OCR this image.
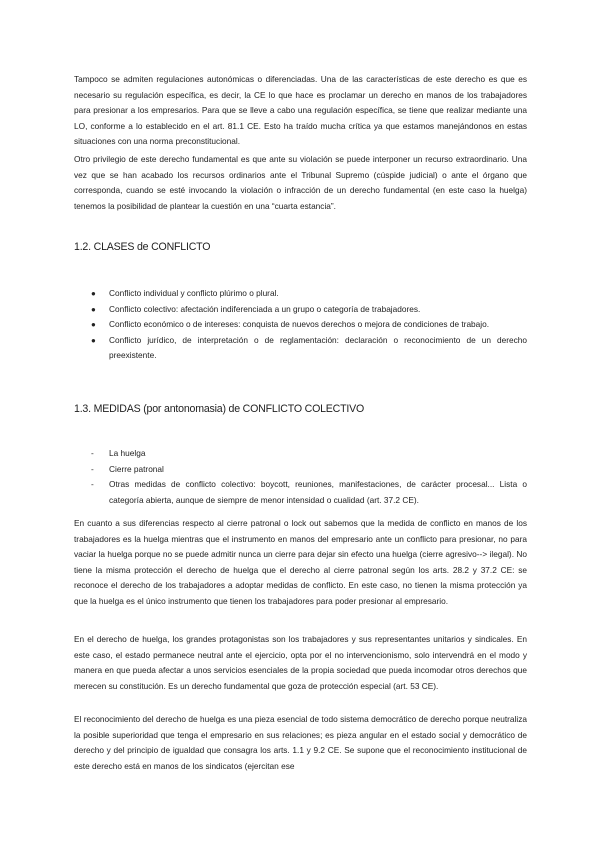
Tampoco se admiten regulaciones autonómicas o diferenciadas. Una de las características de este derecho es que es necesario su regulación específica, es decir, la CE lo que hace es proclamar un derecho en manos de los trabajadores para presionar a los empresarios. Para que se lleve a cabo una regulación específica, se tiene que realizar mediante una LO, conforme a lo establecido en el art. 81.1 CE. Esto ha traído mucha crítica ya que estamos manejándonos en estas situaciones con una norma preconstitucional.

Otro privilegio de este derecho fundamental es que ante su violación se puede interponer un recurso extraordinario. Una vez que se han acabado los recursos ordinarios ante el Tribunal Supremo (cúspide judicial) o ante el órgano que corresponda, cuando se esté invocando la violación o infracción de un derecho fundamental (en este caso la huelga) tenemos la posibilidad de plantear la cuestión en una “cuarta estancia”.

1.2. CLASES de CONFLICTO
● Conflicto individual y conflicto plúrimo o plural.
● Conflicto colectivo: afectación indiferenciada a un grupo o categoría de trabajadores.
● Conflicto económico o de intereses: conquista de nuevos derechos o mejora de condiciones de trabajo.
● Conflicto jurídico, de interpretación o de reglamentación: declaración o reconocimiento de un derecho preexistente.
1.3. MEDIDAS (por antonomasia) de CONFLICTO COLECTIVO
- La huelga
- Cierre patronal
- Otras medidas de conflicto colectivo: boycott, reuniones, manifestaciones, de carácter procesal... Lista o categoría abierta, aunque de siempre de menor intensidad o cualidad (art. 37.2 CE).

En cuanto a sus diferencias respecto al cierre patronal o lock out sabemos que la medida de conflicto en manos de los trabajadores es la huelga mientras que el instrumento en manos del empresario ante un conflicto para presionar, no para vaciar la huelga porque no se puede admitir nunca un cierre para dejar sin efecto una huelga (cierre agresivo--> ilegal). No tiene la misma protección el derecho de huelga que el derecho al cierre patronal según los arts. 28.2 y 37.2 CE: se reconoce el derecho de los trabajadores a adoptar medidas de conflicto. En este caso, no tienen la misma protección ya que la huelga es el único instrumento que tienen los trabajadores para poder presionar al empresario.

En el derecho de huelga, los grandes protagonistas son los trabajadores y sus representantes unitarios y sindicales. En este caso, el estado permanece neutral ante el ejercicio, opta por el no intervencionismo, solo intervendrá en el modo y manera en que pueda afectar a unos servicios esenciales de la propia sociedad que pueda incomodar otros derechos que merecen su constitución. Es un derecho fundamental que goza de protección especial (art. 53 CE).

El reconocimiento del derecho de huelga es una pieza esencial de todo sistema democrático de derecho porque neutraliza la posible superioridad que tenga el empresario en sus relaciones; es pieza angular en el estado social y democrático de derecho y del principio de igualdad que consagra los arts. 1.1 y 9.2 CE. Se supone que el reconocimiento institucional de este derecho está en manos de los sindicatos (ejercitan ese
